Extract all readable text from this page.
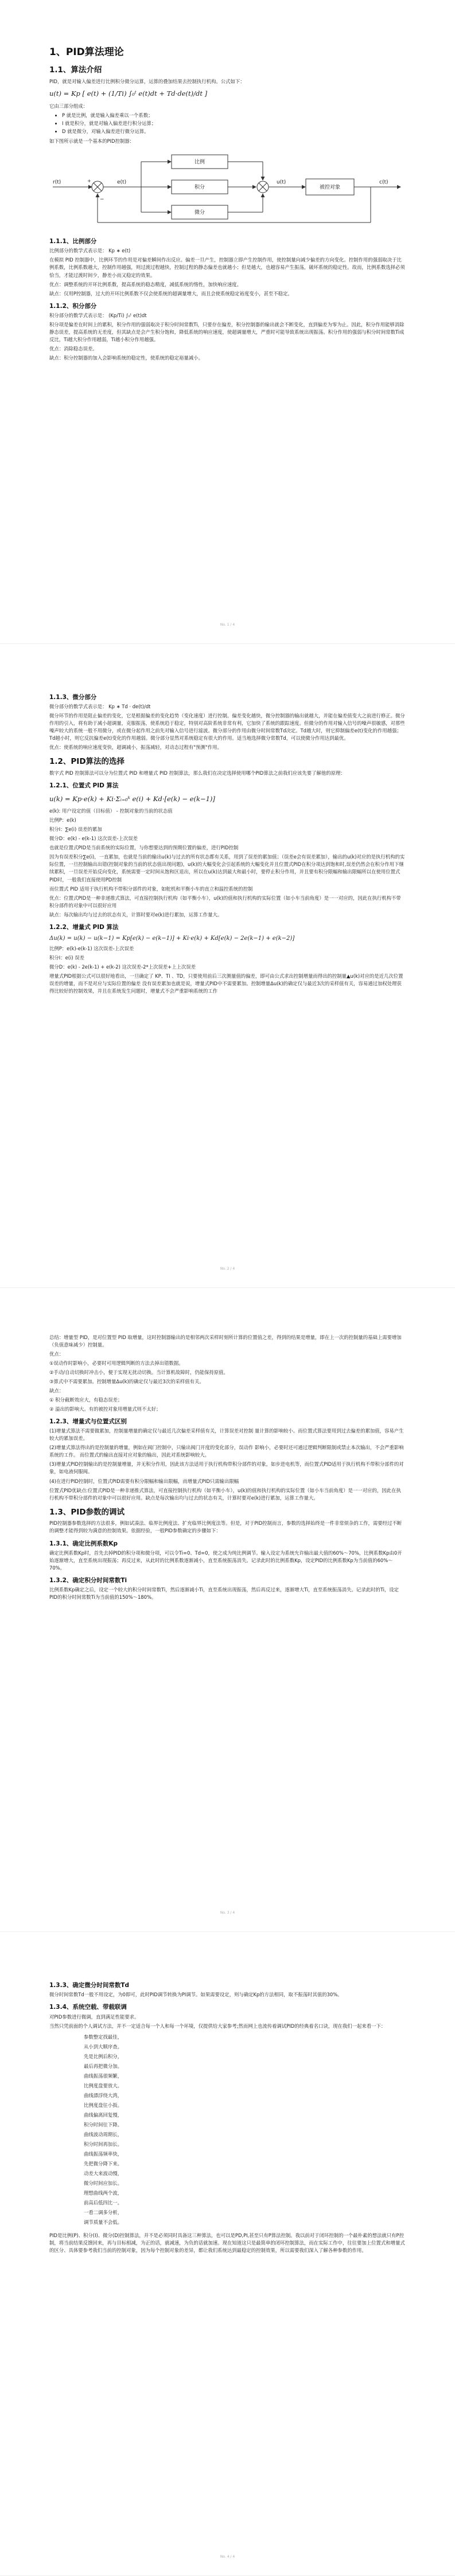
1、PID算法理论
1.1、算法介绍

PID，就是对输入偏差进行比例积分微分运算，运算的叠加结果去控制执行机构。公式如下：

u(t) = Kp [ e(t) + (1/Ti) ∫₀ᵗ e(t)dt + Td·de(t)/dt ]

它由三部分组成：

• P 就是比例，就是输入偏差乘以一个系数；
• I 就是积分，就是对输入偏差进行积分运算；
• D 就是微分，对输入偏差进行微分运算。

如下图所示就是一个基本的PID控制器：

r(t)	+
−
e(t)
比例
积分
微分
u(t)
被控对象
c(t)
1.1.1、比例部分

比例部分的数学式表示是： Kp ∗ e(t)

在模拟 PID 控制器中，比例环节的作用是对偏差瞬间作出反应。偏差一旦产生，控制器立即产生控制作用，使控制量向减少偏差的方向变化。控制作用的强弱取决于比例系数，比例系数越大，控制作用越强，则过渡过程越快，控制过程的静态偏差也就越小；但是越大，也越容易产生振荡，破坏系统的稳定性。故而，比例系数选择必须恰当，才能过渡时间少，静差小而又稳定的效果。

优点：调整系统的开环比例系数，提高系统的稳态精度，减低系统的惰性，加快响应速度。

缺点：仅用P控制器，过大的开环比例系数不仅会使系统的超调量增大，而且会使系统稳定裕度变小，甚至不稳定。

1.1.2、积分部分

积分部分的数学式表示是： (Kp/Ti) ∫₀ᵗ e(t)dt

积分项是偏差在时间上的累积，积分作用的强弱取决于积分时间常数Ti，只要存在偏差，积分控制器的输出就会不断变化，直到偏差为零为止。因此，积分作用能够消除静态误差，提高系统的无差度，但其缺点是会产生积分饱和，降低系统的响应速度，使超调量增大，严重时可能导致系统出现振荡。积分作用的强弱与积分时间常数Ti成反比，Ti越大积分作用越弱，Ti越小积分作用越强。

优点：消除稳态误差。

缺点：积分控制器的加入会影响系统的稳定性，使系统的稳定裕量减小。

No. 1 / 4
1.1.3、微分部分

微分部分的数学式表示是： Kp ∗ Td · de(t)/dt

微分环节的作用是阻止偏差的变化，它是根据偏差的变化趋势（变化速度）进行控制。偏差变化越快，微分控制器的输出就越大，并能在偏差值变大之前进行修正。微分作用的引入，将有助于减小超调量，克服振荡，使系统趋于稳定，特别对高阶系统非常有利，它加快了系统的跟踪速度。但微分的作用对输入信号的噪声很敏感，对那些噪声较大的系统一般不用微分，或在微分起作用之前先对输入信号进行滤波。微分部分的作用由微分时间常数Td决定。Td越大时，则它抑制偏差e(t)变化的作用越强；Td越小时，则它反抗偏差e(t)变化的作用越弱。微分部分显然对系统稳定有很大的作用。适当地选择微分常数Td，可以使微分作用达到最优。

优点：使系统的响应速度变快，超调减小，振荡减轻，对动态过程有"预测"作用。

1.2、PID算法的选择

数字式 PID 控制算法可以分为位置式 PID 和增量式 PID 控制算法，那么我们在决定选择使用哪个PID算法之前我们应该先要了解他的原理：

1.2.1、位置式 PID 算法
u(k) = Kp·e(k) + Ki·Σᵢ₌₀ᵏ e(i) + Kd·[e(k) − e(k−1)]

e(k): 用户设定的值（目标值） - 控制对象的当前的状态值

比例P：e(k)

积分I：∑e(i) 误差的累加

微分D：e(k) - e(k-1) 这次误差-上次误差

也就是位置式PID是当前系统的实际位置，与你想要达到的预期位置的偏差，进行PID控制

因为有误差积分∑e(i)，一直累加，也就是当前的输出u(k)与过去的所有状态都有关系，用到了误差的累加值；（误差e会有误差累加），输出的u(k)对应的是执行机构的实际位置，一旦控制输出出错(控制对象的当前的状态值出现问题)，u(k)的大幅变化会引起系统的大幅变化并且位置式PID在积分项达到饱和时,误差仍然会在积分作用下继续累积，一旦误差开始反向变化，系统需要一定时间从饱和区退出，所以在u(k)达到最大和最小时，要停止积分作用，并且要有积分限幅和输出限幅所以在使用位置式PID时，一般我们直接使用PD控制

而位置式 PID 适用于执行机构不带积分部件的对象，如舵机和平衡小车的直立和温控系统的控制

优点：位置式PID是一种非递推式算法，可直接控制执行机构（如平衡小车），u(k)的值和执行机构的实际位置（如小车当前角度）是一一对应的，因此在执行机构不带积分部件的对象中可以很好应用

缺点：每次输出均与过去的状态有关，计算时要对e(k)进行累加，运算工作量大。

1.2.2、增量式 PID 算法
Δu(k) = u(k) − u(k−1) = Kp[e(k) − e(k−1)] + Ki·e(k) + Kd[e(k) − 2e(k−1) + e(k−2)]

比例P：e(k)-e(k-1) 这次误差-上次误差

积分I：e(i) 误差

微分D：e(k) - 2e(k-1) + e(k-2) 这次误差-2*上次误差+上上次误差

增量式PID根据公式可以很好地看出，一旦确定了 KP、TI 、TD，只要使用前后三次测量值的偏差，即可由公式求出控制增量而得出的控制量▲u(k)对应的是近几次位置误差的增量，而不是对应与实际位置的偏差 没有误差累加也就是说，增量式PID中不需要累加。控制增量Δu(k)的确定仅与最近3次的采样值有关，容易通过加权处理获得比较好的控制效果，并且在系统发生问题时，增量式不会严重影响系统的工作

No. 2 / 4

总结：增量型 PID，是对位置型 PID 取增量，这时控制器输出的是相邻两次采样时刻所计算的位置值之差，得到的结果是增量，即在上一次的控制量的基础上需要增加（负值意味减少）控制量。

优点：

①误动作时影响小，必要时可用逻辑判断的方法去掉出错数据。

②手动/自动切换时冲击小，便于实现无扰动切换。当计算机故障时，仍能保持原值。

③算式中不需要累加。控制增量Δu(k)的确定仅与最近3次的采样值有关。

缺点：

① 积分截断效应大，有稳态误差；

② 溢出的影响大。有的被控对象用增量式则不太好；

1.2.3、增量式与位置式区别

(1)增量式算法不需要做累加，控制量增量的确定仅与最近几次偏差采样值有关，计算误差对控制 量计算的影响较小。而位置式算法要用到过去偏差的累加值，容易产生较大的累加误差。

(2)增量式算法得出的是控制量的增量，例如在阀门控制中，只输出阀门开度的变化部分，误动作 影响小，必要时还可通过逻辑判断限制或禁止本次输出，不会严重影响系统的工作。 而位置式的输出直接对应对象的输出，因此对系统影响较大。

(3)增量式PID控制输出的是控制量增量，并无积分作用，因此该方法适用于执行机构带积分部件的对象，如步进电机等，而位置式PID适用于执行机构不带积分部件的对象，如电液伺服阀。

(4)在进行PID控制时，位置式PID需要有积分限幅和输出限幅，而增量式PID只需输出限幅

位置式PID优缺点:位置式PID是一种非递推式算法，可直接控制执行机构（如平衡小车），u(k)的值和执行机构的实际位置（如小车当前角度）是一一对应的，因此在执行机构不带积分部件的对象中可以很好应用。缺点是每次输出均与过去的状态有关，计算时要对e(k)进行累加，运算工作量大。

1.3、PID参数的调试

PID控制器参数选择的方法很多，例如试凑法、临界比例度法、扩充临界比例度法等。但是，对于PID控制而言，参数的选择始终是一件非常烦杂的工作，需要经过不断的调整才能得到较为满意的控制效果。依据经验，一般PID参数确定的步骤如下：

1.3.1、确定比例系数Kp

确定比例系数Kp时，首先去掉PID的积分项和微分项，可以令Ti=0、Td=0，使之成为纯比例调节。输入设定为系统允许输出最大值的60%～70%，比例系数Kp由0开始逐渐增大，直至系统出现振荡；再反过来，从此时的比例系数逐渐减小，直至系统振荡消失。记录此时的比例系数Kp，设定PID的比例系数Kp为当前值的60%～70%。

1.3.2、确定积分时间常数Ti

比例系数Kp确定之后，设定一个较大的积分时间常数Ti，然后逐渐减小Ti，直至系统出现振荡，然后再反过来，逐渐增大Ti，直至系统振荡消失。记录此时的Ti，设定PID的积分时间常数Ti为当前值的150%～180%。

No. 3 / 4
1.3.3、确定微分时间常数Td

微分时间常数Td一般不用设定，为0即可，此时PID调节转换为PI调节。如果需要设定，则与确定Kp的方法相同，取不振荡时其值的30%。

1.3.4、系统空载、带载联调

对PID参数进行微调，直到满足性能要求。

当然只凭前面的个人调试方法，并不一定适合每一个人和每一个环境，仅提供给大家参考;然而网上也流传着调试PID的经典着名口诀，现在我们一起来看一下：

参数整定找最佳，
从小到大顺序查。
先是比例后积分，
最后再把微分加。
曲线振荡很频繁，
比例度盘要放大。
曲线漂浮绕大湾，
比例度盘往小扳。
曲线偏离回复慢，
积分时间往下降。
曲线波动周期长，
积分时间再加长。
曲线振荡频率快，
先把微分降下来。
动差大来波动慢，
微分时间应加长。
理想曲线两个波，
前高后低四比一。
一看二调多分析，
调节质量不会低。

PID是比例(P)、积分(I)、微分(D)控制算法，并不是必须同时具备这三种算法，也可以是PD,PI,甚至只有P算法控制。我以前对于闭环控制的一个最朴素的想法就只有P控制，将当前结果反馈回来，再与目标相减，为正的话，就减速，为负的话就加速。现在知道这只是最简单的闭环控制算法，而在实际工作中，往往要加上位置式和增量式的区分、具体要参考我们当前的控制对象，因为每个控制对象的差异，都让我们系统达到最稳定的控制效果，所以需要我们深入了解各种参数的作用。

No. 4 / 4
